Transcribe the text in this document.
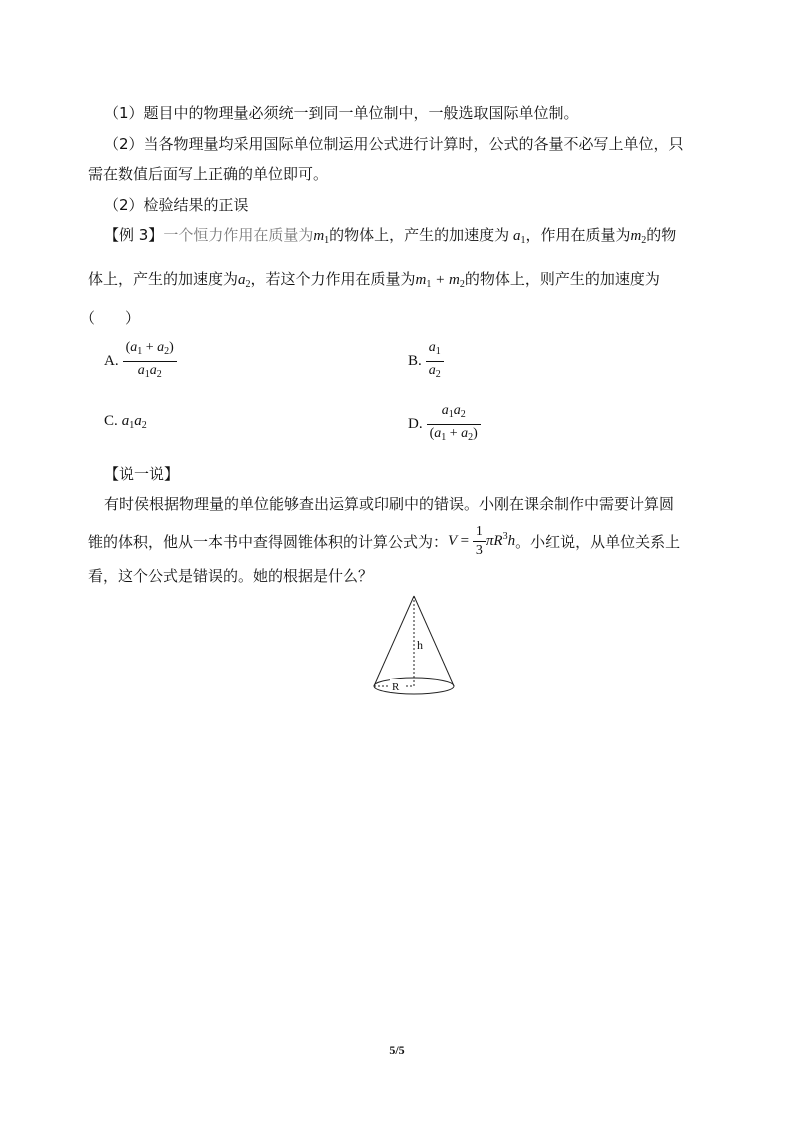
（1）题目中的物理量必须统一到同一单位制中，一般选取国际单位制。
（2）当各物理量均采用国际单位制运用公式进行计算时，公式的各量不必写上单位，只
需在数值后面写上正确的单位即可。
（2）检验结果的正误
【例 3】一个恒力作用在质量为$m_1$的物体上，产生的加速度为 $a_1$，作用在质量为$m_2$的物
体上，产生的加速度为$a_2$，若这个力作用在质量为$m_1 + m_2$的物体上，则产生的加速度为
（　　）
A. $\frac{(a_1 + a_2)}{a_1a_2}$	B. $\frac{a_1}{a_2}$
C. $a_1a_2$	D. $\frac{a_1a_2}{(a_1 + a_2)}$
【说一说】
有时侯根据物理量的单位能够查出运算或印刷中的错误。小刚在课余制作中需要计算圆
锥的体积，他从一本书中查得圆锥体积的计算公式为：$V = \frac{1}{3} \pi R^3h$。小红说，从单位关系上
看，这个公式是错误的。她的根据是什么？
h
R
5/5
